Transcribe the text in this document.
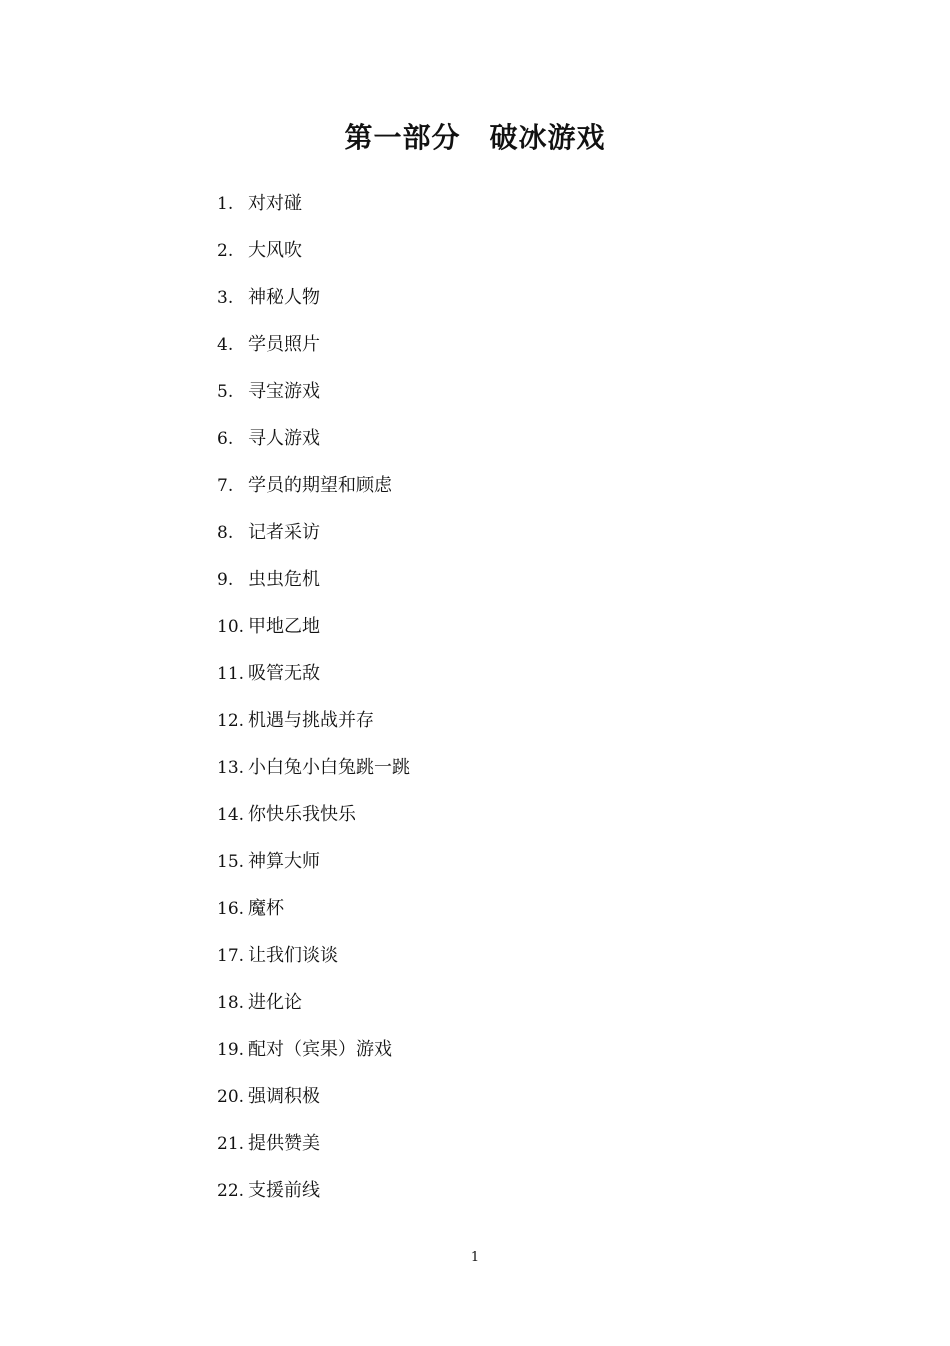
第一部分　破冰游戏
1. 对对碰
2. 大风吹
3. 神秘人物
4. 学员照片
5. 寻宝游戏
6. 寻人游戏
7. 学员的期望和顾虑
8. 记者采访
9. 虫虫危机
10. 甲地乙地
11. 吸管无敌
12. 机遇与挑战并存
13. 小白兔小白兔跳一跳
14. 你快乐我快乐
15. 神算大师
16. 魔杯
17. 让我们谈谈
18. 进化论
19. 配对（宾果）游戏
20. 强调积极
21. 提供赞美
22. 支援前线
1
